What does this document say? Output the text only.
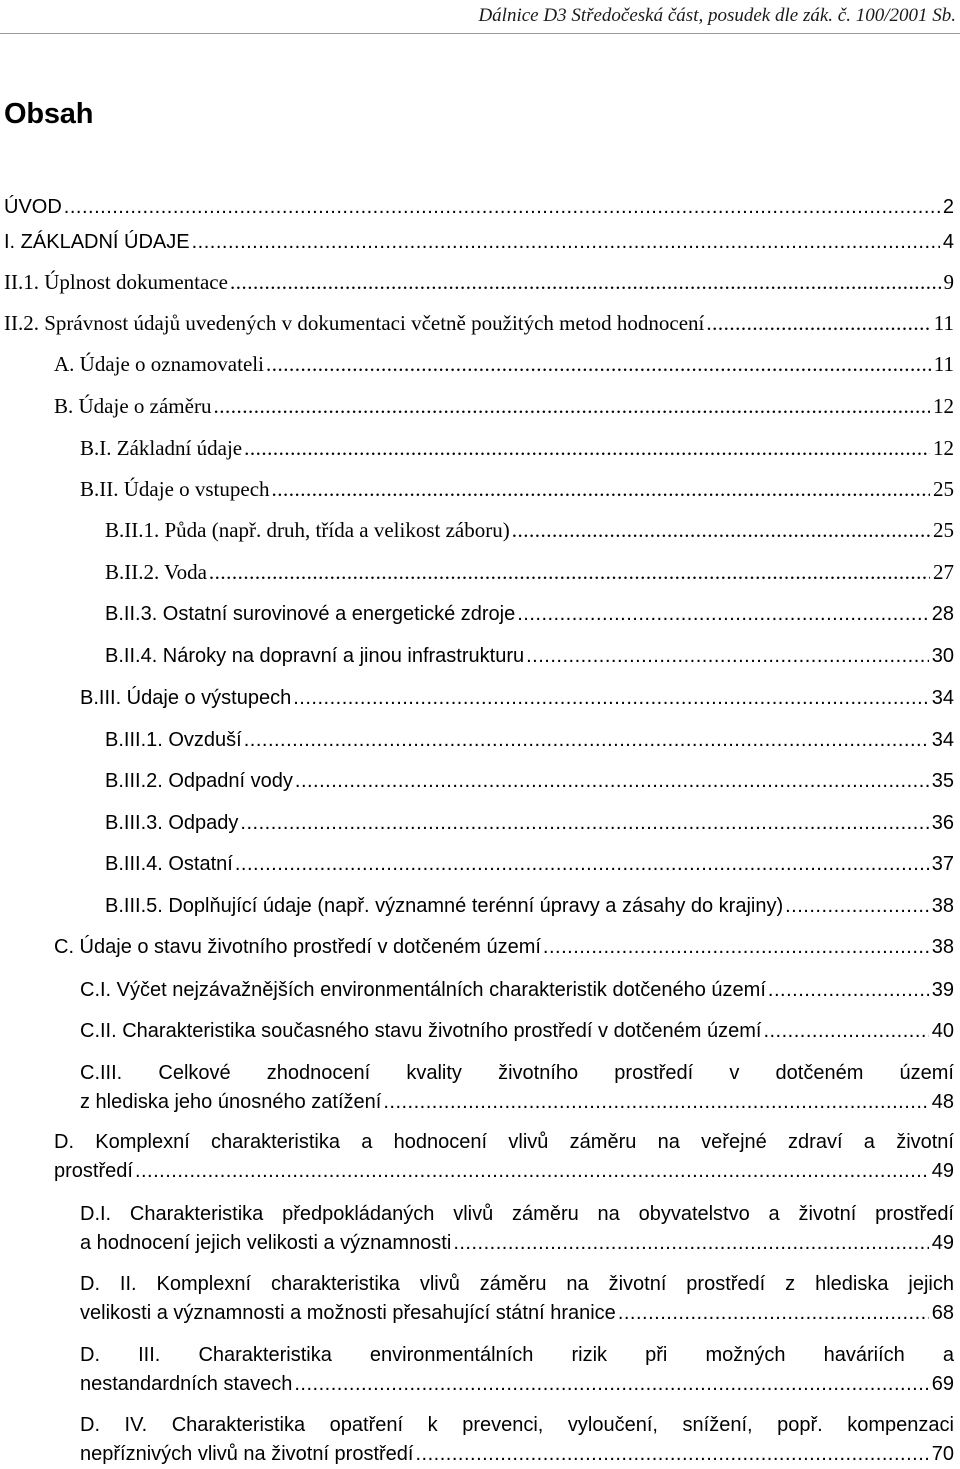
Dálnice D3 Středočeská část, posudek dle zák. č. 100/2001 Sb.
Obsah
ÚVOD .....	2
I. ZÁKLADNÍ ÚDAJE .....	4
II.1. Úplnost dokumentace .....	9
II.2. Správnost údajů uvedených v dokumentaci včetně použitých metod hodnocení .....	11
A. Údaje o oznamovateli .....	11
B. Údaje o záměru .....	12
B.I. Základní údaje .....	12
B.II. Údaje o vstupech .....	25
B.II.1. Půda (např. druh, třída a velikost záboru) .....	25
B.II.2. Voda .....	27
B.II.3. Ostatní surovinové a energetické zdroje .....	28
B.II.4. Nároky na dopravní a jinou infrastrukturu .....	30
B.III. Údaje o výstupech .....	34
B.III.1. Ovzduší .....	34
B.III.2. Odpadní vody .....	35
B.III.3. Odpady .....	36
B.III.4. Ostatní .....	37
B.III.5. Doplňující údaje (např. významné terénní úpravy a zásahy do krajiny) .....	38
C. Údaje o stavu životního prostředí v dotčeném území .....	38
C.I. Výčet nejzávažnějších environmentálních charakteristik dotčeného území .....	39
C.II. Charakteristika současného stavu životního prostředí v dotčeném území .....	40
C.III. Celkové zhodnocení kvality životního prostředí v dotčeném území
z hlediska jeho únosného zatížení .....	48
D. Komplexní charakteristika a hodnocení vlivů záměru na veřejné zdraví a životní
prostředí .....	49
D.I. Charakteristika předpokládaných vlivů záměru na obyvatelstvo a životní prostředí
a hodnocení jejich velikosti a významnosti .....	49
D. II. Komplexní charakteristika vlivů záměru na životní prostředí z hlediska jejich
velikosti a významnosti a možnosti přesahující státní hranice .....	68
D. III. Charakteristika environmentálních rizik při možných haváriích a
nestandardních stavech .....	69
D. IV. Charakteristika opatření k prevenci, vyloučení, snížení, popř. kompenzaci
nepříznivých vlivů na životní prostředí .....	70
